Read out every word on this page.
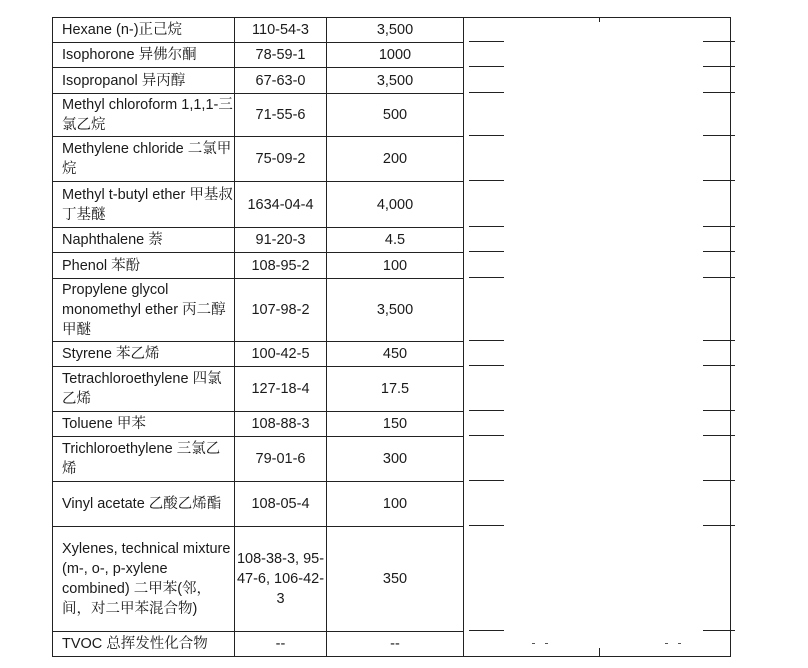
Hexane (n-)正己烷	110-54-3	3,500	
Isophorone 异佛尔酮	78-59-1	1000	
Isopropanol 异丙醇	67-63-0	3,500	
Methyl chloroform 1,1,1-三氯乙烷	71-55-6	500	
Methylene chloride 二氯甲烷	75-09-2	200	
Methyl t-butyl ether 甲基叔丁基醚	1634-04-4	4,000	
Naphthalene 萘	91-20-3	4.5	
Phenol 苯酚	108-95-2	100	
Propylene glycol monomethyl ether 丙二醇甲醚	107-98-2	3,500	
Styrene 苯乙烯	100-42-5	450	
Tetrachloroethylene 四氯乙烯	127-18-4	17.5	
Toluene 甲苯	108-88-3	150	
Trichloroethylene 三氯乙烯	79-01-6	300	
Vinyl acetate 乙酸乙烯酯	108-05-4	100	
Xylenes, technical mixture (m-, o-, p-xylene combined) 二甲苯(邻，间，对二甲苯混合物)	108-38-3, 95-47-6, 106-42-3	350	
TVOC 总挥发性化合物	--	--	
